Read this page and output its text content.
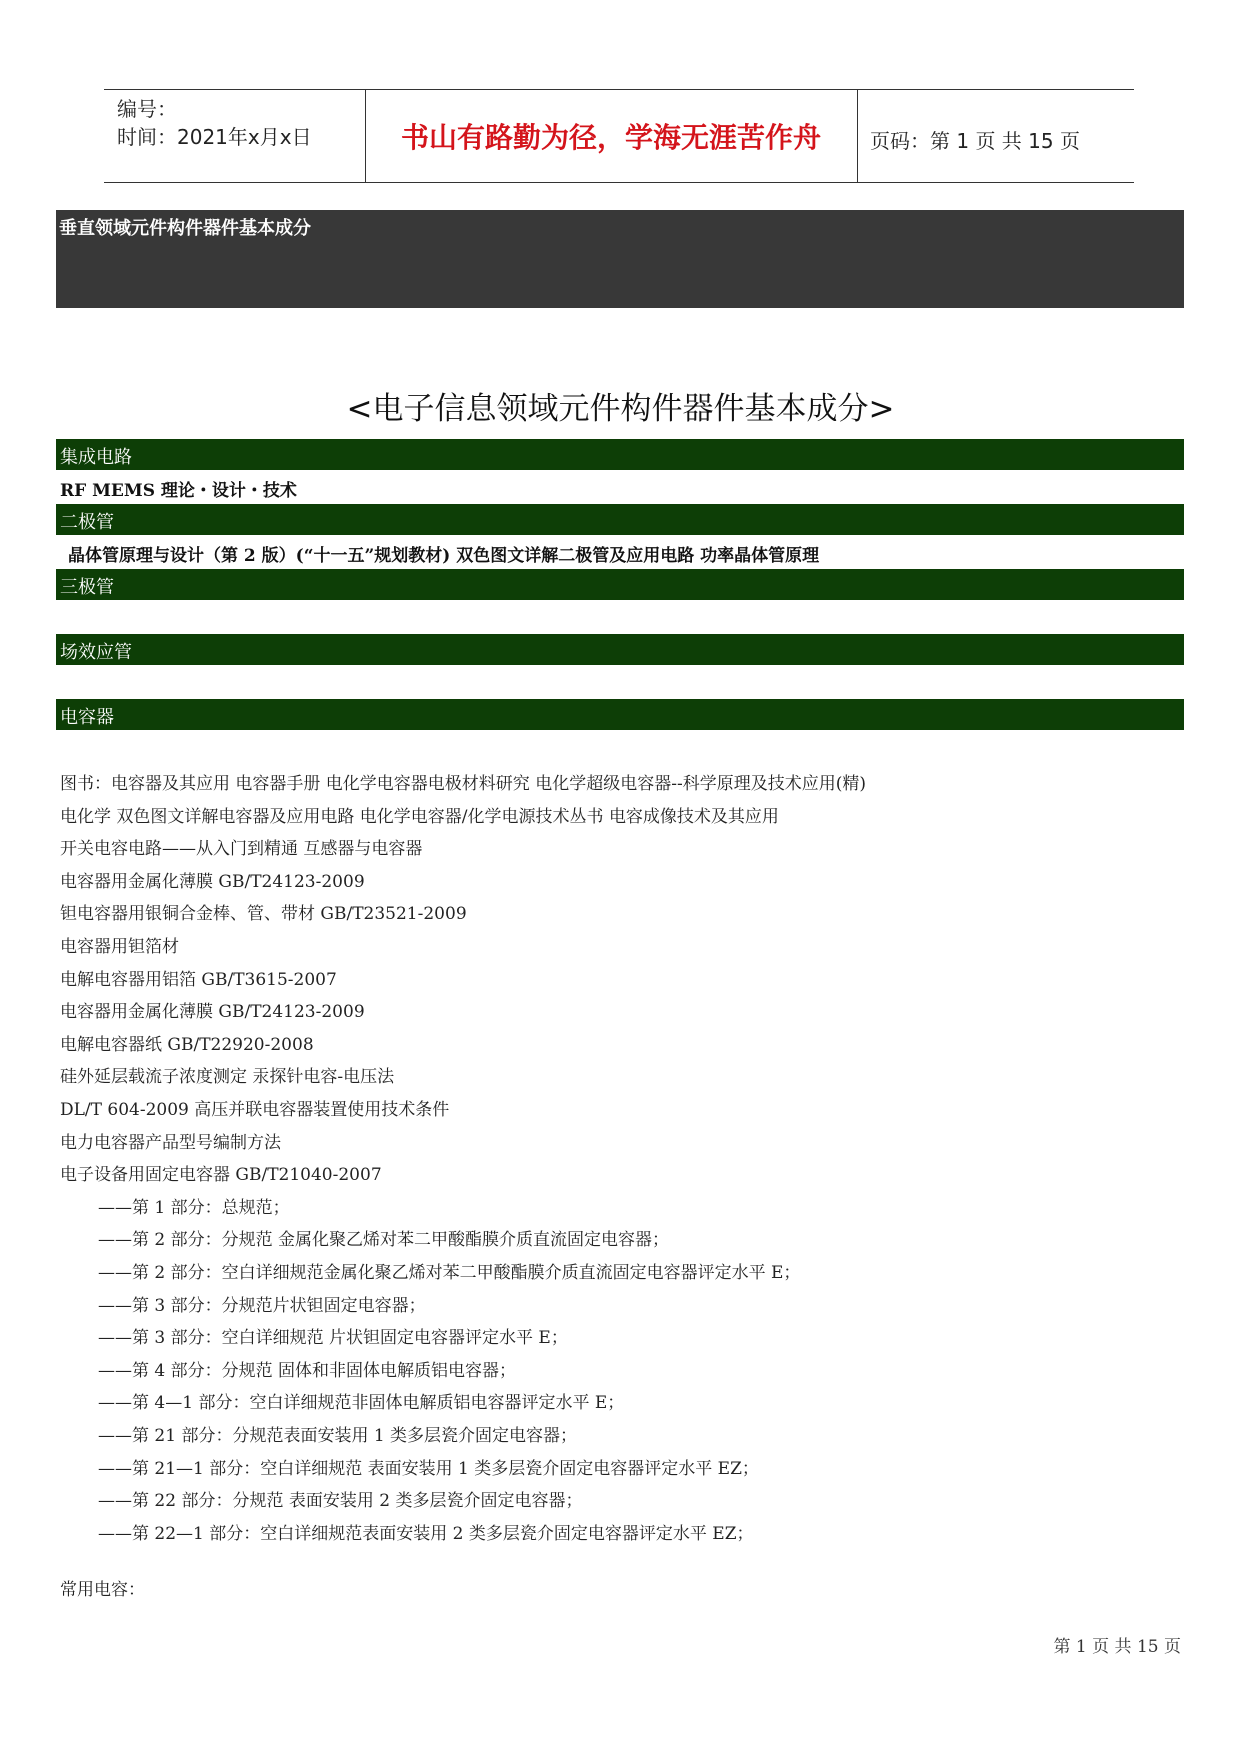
编号：
时间：2021年x月x日	书山有路勤为径，学海无涯苦作舟	页码：第 1 页 共 15 页
垂直领域元件构件器件基本成分
<电子信息领域元件构件器件基本成分>
集成电路
RF MEMS 理论・设计・技术
二极管
晶体管原理与设计（第 2 版）(“十一五”规划教材) 双色图文详解二极管及应用电路 功率晶体管原理
三极管
场效应管
电容器
图书：电容器及其应用 电容器手册 电化学电容器电极材料研究 电化学超级电容器--科学原理及技术应用(精)
电化学 双色图文详解电容器及应用电路 电化学电容器/化学电源技术丛书 电容成像技术及其应用
开关电容电路——从入门到精通 互感器与电容器
电容器用金属化薄膜 GB/T24123-2009
钽电容器用银铜合金棒、管、带材 GB/T23521-2009
电容器用钽箔材
电解电容器用铝箔 GB/T3615-2007
电容器用金属化薄膜 GB/T24123-2009
电解电容器纸 GB/T22920-2008
硅外延层载流子浓度测定 汞探针电容-电压法
DL/T 604-2009 高压并联电容器装置使用技术条件
电力电容器产品型号编制方法
电子设备用固定电容器 GB/T21040-2007
——第 1 部分：总规范；
——第 2 部分：分规范 金属化聚乙烯对苯二甲酸酯膜介质直流固定电容器；
——第 2 部分：空白详细规范金属化聚乙烯对苯二甲酸酯膜介质直流固定电容器评定水平 E；
——第 3 部分：分规范片状钽固定电容器；
——第 3 部分：空白详细规范 片状钽固定电容器评定水平 E；
——第 4 部分：分规范 固体和非固体电解质铝电容器；
——第 4—1 部分：空白详细规范非固体电解质铝电容器评定水平 E；
——第 21 部分：分规范表面安装用 1 类多层瓷介固定电容器；
——第 21—1 部分：空白详细规范 表面安装用 1 类多层瓷介固定电容器评定水平 EZ；
——第 22 部分：分规范 表面安装用 2 类多层瓷介固定电容器；
——第 22—1 部分：空白详细规范表面安装用 2 类多层瓷介固定电容器评定水平 EZ；
常用电容：
第 1 页 共 15 页
